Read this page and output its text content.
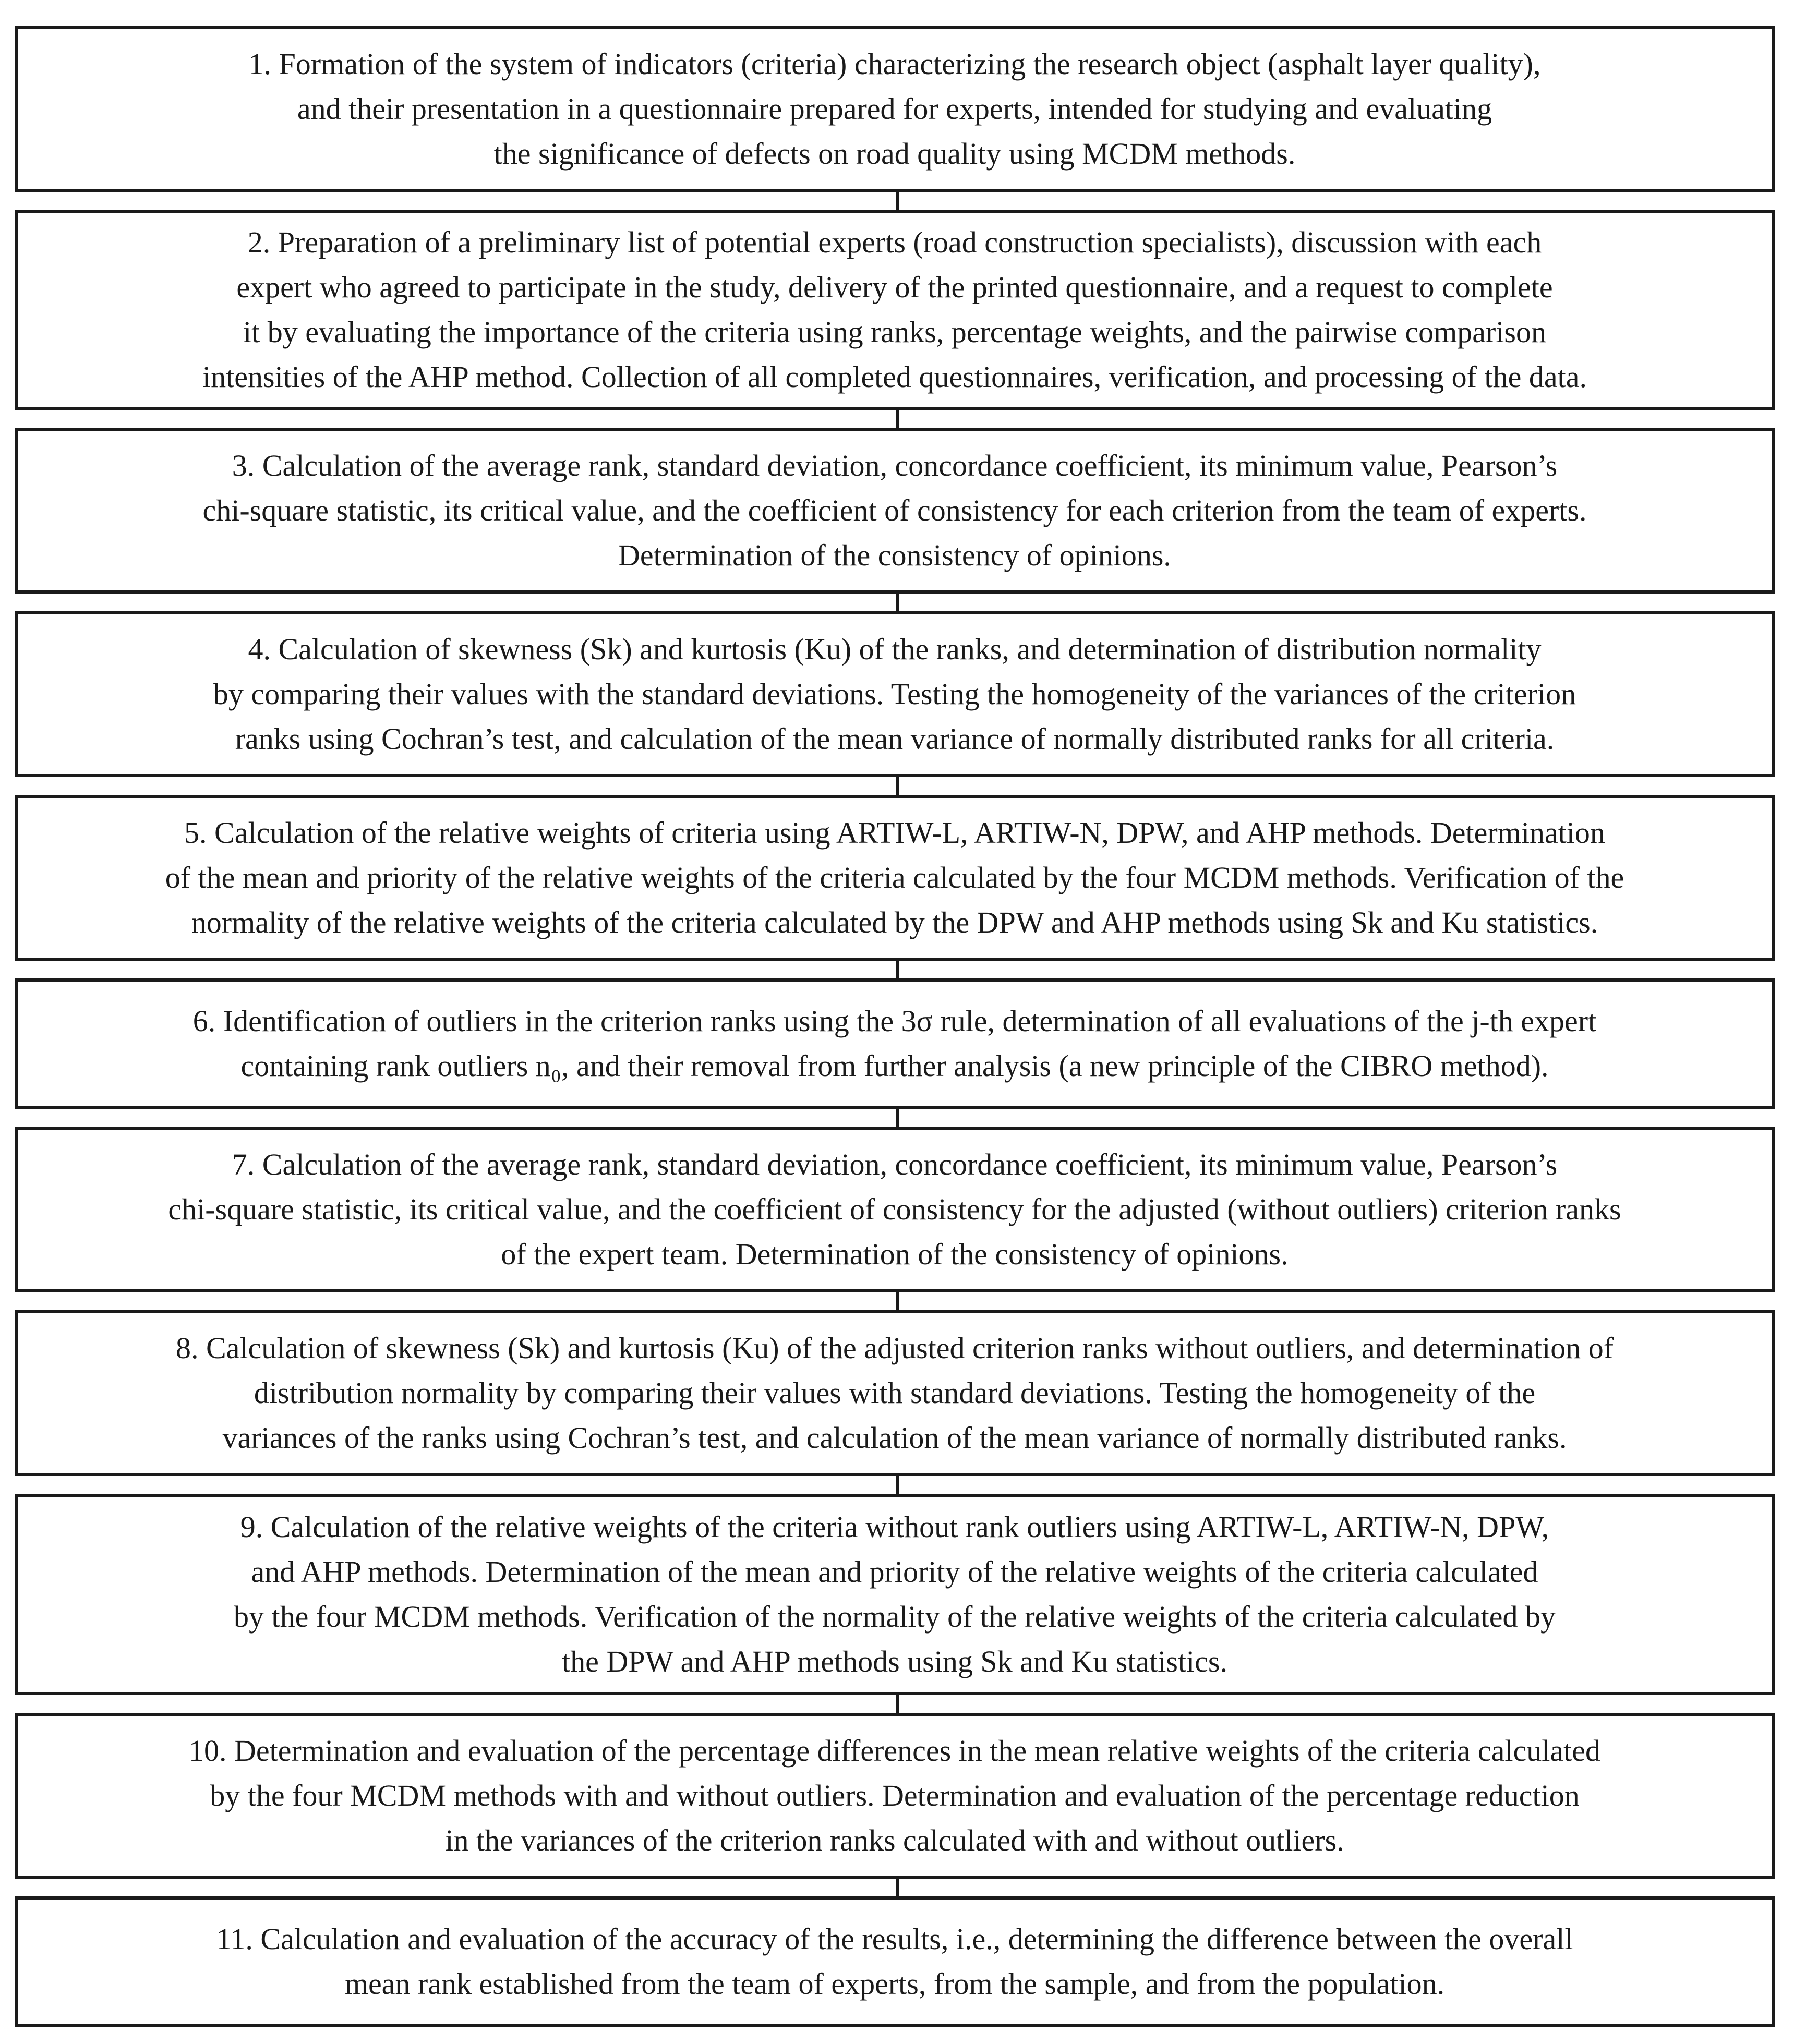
1. Formation of the system of indicators (criteria) characterizing the research object (asphalt layer quality),
and their presentation in a questionnaire prepared for experts, intended for studying and evaluating
the significance of defects on road quality using MCDM methods.
2. Preparation of a preliminary list of potential experts (road construction specialists), discussion with each
expert who agreed to participate in the study, delivery of the printed questionnaire, and a request to complete
it by evaluating the importance of the criteria using ranks, percentage weights, and the pairwise comparison
intensities of the AHP method. Collection of all completed questionnaires, verification, and processing of the data.
3. Calculation of the average rank, standard deviation, concordance coefficient, its minimum value, Pearson’s
chi-square statistic, its critical value, and the coefficient of consistency for each criterion from the team of experts.
Determination of the consistency of opinions.
4. Calculation of skewness (Sk) and kurtosis (Ku) of the ranks, and determination of distribution normality
by comparing their values with the standard deviations. Testing the homogeneity of the variances of the criterion
ranks using Cochran’s test, and calculation of the mean variance of normally distributed ranks for all criteria.
5. Calculation of the relative weights of criteria using ARTIW-L, ARTIW-N, DPW, and AHP methods. Determination
of the mean and priority of the relative weights of the criteria calculated by the four MCDM methods. Verification of the
normality of the relative weights of the criteria calculated by the DPW and AHP methods using Sk and Ku statistics.
6. Identification of outliers in the criterion ranks using the 3σ rule, determination of all evaluations of the j-th expert
containing rank outliers n₀, and their removal from further analysis (a new principle of the CIBRO method).
7. Calculation of the average rank, standard deviation, concordance coefficient, its minimum value, Pearson’s
chi-square statistic, its critical value, and the coefficient of consistency for the adjusted (without outliers) criterion ranks
of the expert team. Determination of the consistency of opinions.
8. Calculation of skewness (Sk) and kurtosis (Ku) of the adjusted criterion ranks without outliers, and determination of
distribution normality by comparing their values with standard deviations. Testing the homogeneity of the
variances of the ranks using Cochran’s test, and calculation of the mean variance of normally distributed ranks.
9. Calculation of the relative weights of the criteria without rank outliers using ARTIW-L, ARTIW-N, DPW,
and AHP methods. Determination of the mean and priority of the relative weights of the criteria calculated
by the four MCDM methods. Verification of the normality of the relative weights of the criteria calculated by
the DPW and AHP methods using Sk and Ku statistics.
10. Determination and evaluation of the percentage differences in the mean relative weights of the criteria calculated
by the four MCDM methods with and without outliers. Determination and evaluation of the percentage reduction
in the variances of the criterion ranks calculated with and without outliers.
11. Calculation and evaluation of the accuracy of the results, i.e., determining the difference between the overall
mean rank established from the team of experts, from the sample, and from the population.
